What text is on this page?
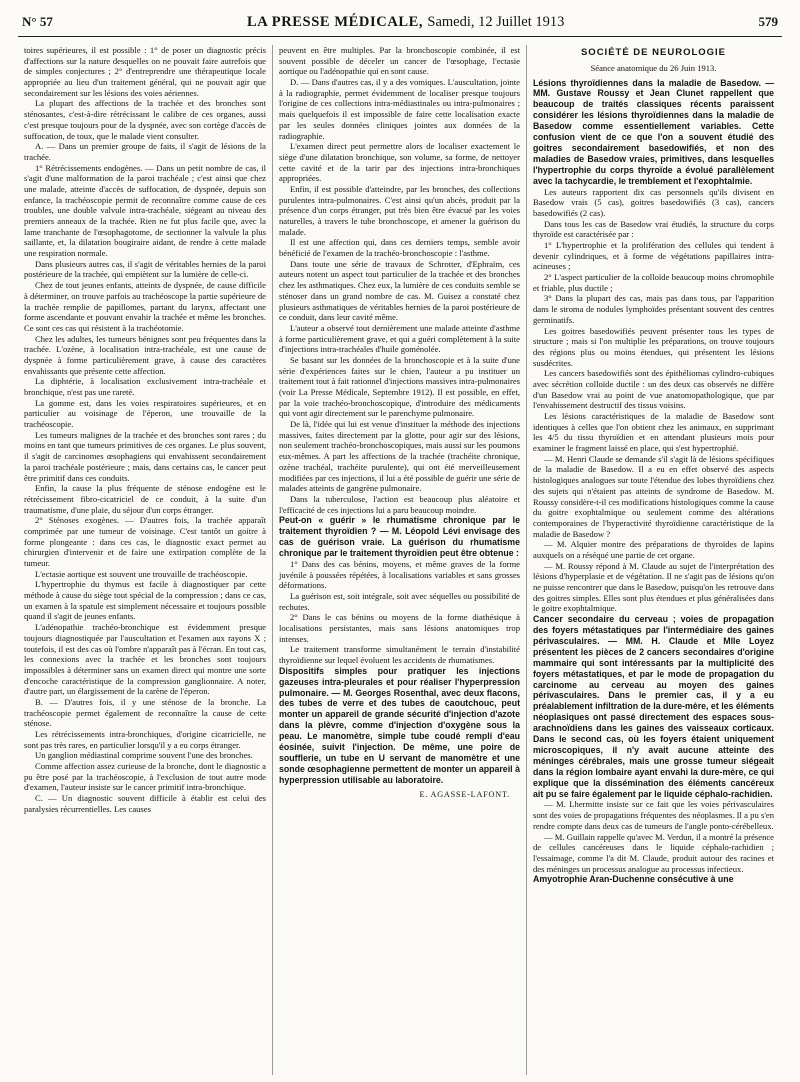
N° 57	LA PRESSE MÉDICALE, Samedi, 12 Juillet 1913	579

toires supérieures, il est possible : 1° de poser un diagnostic précis d'affections sur la nature desquelles on ne pouvait faire autrefois que de simples conjectures ; 2° d'entreprendre une thérapeutique locale appropriée au lieu d'un traitement général, qui ne pouvait agir que secondairement sur les lésions des voies aériennes.

La plupart des affections de la trachée et des bronches sont sténosantes, c'est-à-dire rétrécissant le calibre de ces organes, aussi c'est presque toujours pour de la dyspnée, avec son cortège d'accès de suffocation, de toux, que le malade vient consulter.

A. — Dans un premier groupe de faits, il s'agit de lésions de la trachée.

1° Rétrécissements endogènes. — Dans un petit nombre de cas, il s'agit d'une malformation de la paroi trachéale ; c'est ainsi que chez une malade, atteinte d'accès de suffocation, de dyspnée, depuis son enfance, la trachéoscopie permit de reconnaître comme cause de ces troubles, une double valvule intra-trachéale, siégeant au niveau des premiers anneaux de la trachée. Rien ne fut plus facile que, avec la lame tranchante de l'œsophagotome, de sectionner la valvule la plus saillante, et, la dilatation bougiraire aidant, de rendre à cette malade une respiration normale.

Dans plusieurs autres cas, il s'agit de véritables hernies de la paroi postérieure de la trachée, qui empiètent sur la lumière de celle-ci.

Chez de tout jeunes enfants, atteints de dyspnée, de cause difficile à déterminer, on trouve parfois au trachéoscope la partie supérieure de la trachée remplie de papillomes, partant du larynx, affectant une forme ascendante et pouvant envahir la trachée et même les bronches. Ce sont ces cas qui résistent à la trachéotomie.

Chez les adultes, les tumeurs bénignes sont peu fréquentes dans la trachée. L'ozène, à localisation intra-trachéale, est une cause de dyspnée à forme particulièrement grave, à cause des caractères envahissants que présente cette affection.

La diphtérie, à localisation exclusivement intra-trachéale et bronchique, n'est pas une rareté.

La gomme est, dans les voies respiratoires supérieures, et en particulier au voisinage de l'éperon, une trouvaille de la trachéoscopie.

Les tumeurs malignes de la trachée et des bronches sont rares ; du moins en tant que tumeurs primitives de ces organes. Le plus souvent, il s'agit de carcinomes œsophagiens qui envahissent secondairement la paroi trachéale postérieure ; mais, dans certains cas, le cancer peut être primitif dans ces conduits.

Enfin, la cause la plus fréquente de sténose endogène est le rétrécissement fibro-cicatriciel de ce conduit, à la suite d'un traumatisme, d'une plaie, du séjour d'un corps étranger.

2° Sténoses exogènes. — D'autres fois, la trachée apparaît comprimée par une tumeur de voisinage. C'est tantôt un goitre à forme plongeante : dans ces cas, le diagnostic exact permet au chirurgien d'intervenir et de faire une extirpation complète de la tumeur.

L'ectasie aortique est souvent une trouvaille de trachéoscopie.

L'hypertrophie du thymus est facile à diagnostiquer par cette méthode à cause du siège tout spécial de la compression ; dans ce cas, un examen à la spatule est simplement nécessaire et toujours possible quand il s'agit de jeunes enfants.

L'adénopathie trachéo-bronchique est évidemment presque toujours diagnostiquée par l'auscultation et l'examen aux rayons X ; toutefois, il est des cas où l'ombre n'apparaît pas à l'écran. En tout cas, les connexions avec la trachée et les bronches sont toujours impossibles à déterminer sans un examen direct qui montre une sorte d'encoche caractéristique de la compression ganglionnaire. A noter, d'autre part, un élargissement de la carène de l'éperon.

B. — D'autres fois, il y une sténose de la bronche. La trachéoscopie permet également de reconnaître la cause de cette sténose.

Les rétrécissements intra-bronchiques, d'origine cicatricielle, ne sont pas très rares, en particulier lorsqu'il y a eu corps étranger.

Un ganglion médiastinal comprime souvent l'une des bronches.

Comme affection assez curieuse de la bronche, dont le diagnostic a pu être posé par la trachéoscopie, à l'exclusion de tout autre mode d'examen, l'auteur insiste sur le cancer primitif intra-bronchique.

C. — Un diagnostic souvent difficile à établir est celui des paralysies récurrentielles. Les causes

peuvent en être multiples. Par la bronchoscopie combinée, il est souvent possible de déceler un cancer de l'œsophage, l'ectasie aortique ou l'adénopathie qui en sont cause.

D. — Dans d'autres cas, il y a des vomiques. L'auscultation, jointe à la radiographie, permet évidemment de localiser presque toujours l'origine de ces collections intra-médiastinales ou intra-pulmonaires ; mais quelquefois il est impossible de faire cette localisation exacte par les seules données cliniques jointes aux données de la radiographie.

L'examen direct peut permettre alors de localiser exactement le siège d'une dilatation bronchique, son volume, sa forme, de nettoyer cette cavité et de la tarir par des injections intra-bronchiques appropriées.

Enfin, il est possible d'atteindre, par les bronches, des collections purulentes intra-pulmonaires. C'est ainsi qu'un abcès, produit par la présence d'un corps étranger, put très bien être évacué par les voies naturelles, à travers le tube bronchoscope, et amener la guérison du malade.

Il est une affection qui, dans ces derniers temps, semble avoir bénéficié de l'examen de la trachéo-bronchoscopie : l'asthme.

Dans toute une série de travaux de Schrotter, d'Ephraïm, ces auteurs notent un aspect tout particulier de la trachée et des bronches chez les asthmatiques. Chez eux, la lumière de ces conduits semble se sténoser dans un grand nombre de cas. M. Guisez a constaté chez plusieurs asthmatiques de véritables hernies de la paroi postérieure de ce conduit, dans leur cavité même.

L'auteur a observé tout dernièrement une malade atteinte d'asthme à forme particulièrement grave, et qui a guéri complètement à la suite d'injections intra-trachéales d'huile goménolée.

Se basant sur les données de la bronchoscopie et à la suite d'une série d'expériences faites sur le chien, l'auteur a pu instituer un traitement tout à fait rationnel d'injections massives intra-pulmonaires (voir La Presse Médicale, Septembre 1912). Il est possible, en effet, par la voie trachéo-bronchoscopique, d'introduire des médicaments qui vont agir directement sur le parenchyme pulmonaire.

De là, l'idée qui lui est venue d'instituer la méthode des injections massives, faites directement par la glotte, pour agir sur des lésions, non seulement trachéo-bronchoscopiques, mais aussi sur les poumons eux-mêmes. A part les affections de la trachée (trachéite chronique, ozène trachéal, trachéite purulente), qui ont été merveilleusement modifiées par ces injections, il lui a été possible de guérir une série de malades atteints de gangrène pulmonaire.

Dans la tuberculose, l'action est beaucoup plus aléatoire et l'efficacité de ces injections lui a paru beaucoup moindre.

Peut-on « guérir » le rhumatisme chronique par le traitement thyroïdien ? — M. Léopold Lévi envisage des cas de guérison vraie. La guérison du rhumatisme chronique par le traitement thyroïdien peut être obtenue :

1° Dans des cas bénins, moyens, et même graves de la forme juvénile à poussées répétées, à localisations variables et sans grosses déformations.

La guérison est, soit intégrale, soit avec séquelles ou possibilité de rechutes.

2° Dans le cas bénins ou moyens de la forme diathésique à localisations persistantes, mais sans lésions anatomiques trop intenses.

Le traitement transforme simultanément le terrain d'instabilité thyroïdienne sur lequel évoluent les accidents de rhumatismes.

Dispositifs simples pour pratiquer les injections gazeuses intra-pleurales et pour réaliser l'hyperpression pulmonaire. — M. Georges Rosenthal, avec deux flacons, des tubes de verre et des tubes de caoutchouc, peut monter un appareil de grande sécurité d'injection d'azote dans la plèvre, comme d'injection d'oxygène sous la peau. Le manomètre, simple tube coudé rempli d'eau éosinée, suivit l'injection. De même, une poire de soufflerie, un tube en U servant de manomètre et une sonde œsophagienne permettent de monter un appareil à hyperpression utilisable au laboratoire.

E. AGASSE-LAFONT.
SOCIÉTÉ DE NEUROLOGIE
Séance anatomique du 26 Juin 1913.

Lésions thyroïdiennes dans la maladie de Basedow. — MM. Gustave Roussy et Jean Clunet rappellent que beaucoup de traités classiques récents paraissent considérer les lésions thyroïdiennes dans la maladie de Basedow comme essentiellement variables. Cette confusion vient de ce que l'on a souvent étudié des goitres secondairement basedowifiés, et non des maladies de Basedow vraies, primitives, dans lesquelles l'hypertrophie du corps thyroïde a évolué parallèlement avec la tachycardie, le tremblement et l'exophtalmie.

Les auteurs rapportent dix cas personnels qu'ils divisent en Basedow vrais (5 cas), goitres basedowifiés (3 cas), cancers basedowifiés (2 cas).

Dans tous les cas de Basedow vrai étudiés, la structure du corps thyroïde est caractérisée par :

1° L'hypertrophie et la prolifération des cellules qui tendent à devenir cylindriques, et à forme de végétations papillaires intra-acineuses ;

2° L'aspect particulier de la colloïde beaucoup moins chromophile et friable, plus ductile ;

3° Dans la plupart des cas, mais pas dans tous, par l'apparition dans le stroma de nodules lymphoïdes présentant souvent des centres germinatifs.

Les goitres basedowifiés peuvent présenter tous les types de structure ; mais si l'on multiplie les préparations, on trouve toujours des régions plus ou moins étendues, qui présentent les lésions susdécrites.

Les cancers basedowifiés sont des épithéliomas cylindro-cubiques avec sécrétion colloïde ductile : un des deux cas observés ne diffère d'un Basedow vrai au point de vue anatomopathologique, que par l'envahissement destructif des tissus voisins.

Les lésions caractéristiques de la maladie de Basedow sont identiques à celles que l'on obtient chez les animaux, en supprimant les 4/5 du tissu thyroïdien et en attendant plusieurs mois pour examiner le fragment laissé en place, qui s'est hypertrophié.

— M. Henri Claude se demande s'il s'agit là de lésions spécifiques de la maladie de Basedow. Il a eu en effet observé des aspects histologiques analogues sur toute l'étendue des lobes thyroïdiens chez des sujets qui n'étaient pas atteints de syndrome de Basedow. M. Roussy considère-t-il ces modifications histologiques comme la cause du goitre exophtalmique ou seulement comme des altérations contemporaines de l'hyperactivité thyroïdienne caractéristique de la maladie de Basedow ?

— M. Alquier montre des préparations de thyroïdes de lapins auxquels on a réséqué une partie de cet organe.

— M. Roussy répond à M. Claude au sujet de l'interprétation des lésions d'hyperplasie et de végétation. Il ne s'agit pas de lésions qu'on ne puisse rencontrer que dans le Basedow, puisqu'on les retrouve dans des goitres simples. Elles sont plus étendues et plus généralisées dans le goitre exophtalmique.

Cancer secondaire du cerveau ; voies de propagation des foyers métastatiques par l'intermédiaire des gaines périvasculaires. — MM. H. Claude et Mlle Loyez présentent les pièces de 2 cancers secondaires d'origine mammaire qui sont intéressants par la multiplicité des foyers métastatiques, et par le mode de propagation du carcinome au cerveau au moyen des gaines périvasculaires. Dans le premier cas, il y a eu préalablement infiltration de la dure-mère, et les éléments néoplasiques ont passé directement des espaces sous-arachnoïdiens dans les gaines des vaisseaux corticaux. Dans le second cas, où les foyers étaient uniquement microscopiques, il n'y avait aucune atteinte des méninges cérébrales, mais une grosse tumeur siégeait dans la région lombaire ayant envahi la dure-mère, ce qui explique que la dissémination des éléments cancéreux ait pu se faire également par le liquide céphalo-rachidien.

— M. Lhermitte insiste sur ce fait que les voies périvasculaires sont des voies de propagations fréquentes des néoplasmes. Il a pu s'en rendre compte dans deux cas de tumeurs de l'angle ponto-cérébelleux.

— M. Guillain rappelle qu'avec M. Verdun, il a montré la présence de cellules cancéreuses dans le liquide céphalo-rachidien ; l'essaimage, comme l'a dit M. Claude, produit autour des racines et des méninges un processus analogue au processus infectieux.

Amyotrophie Aran-Duchenne consécutive à une
